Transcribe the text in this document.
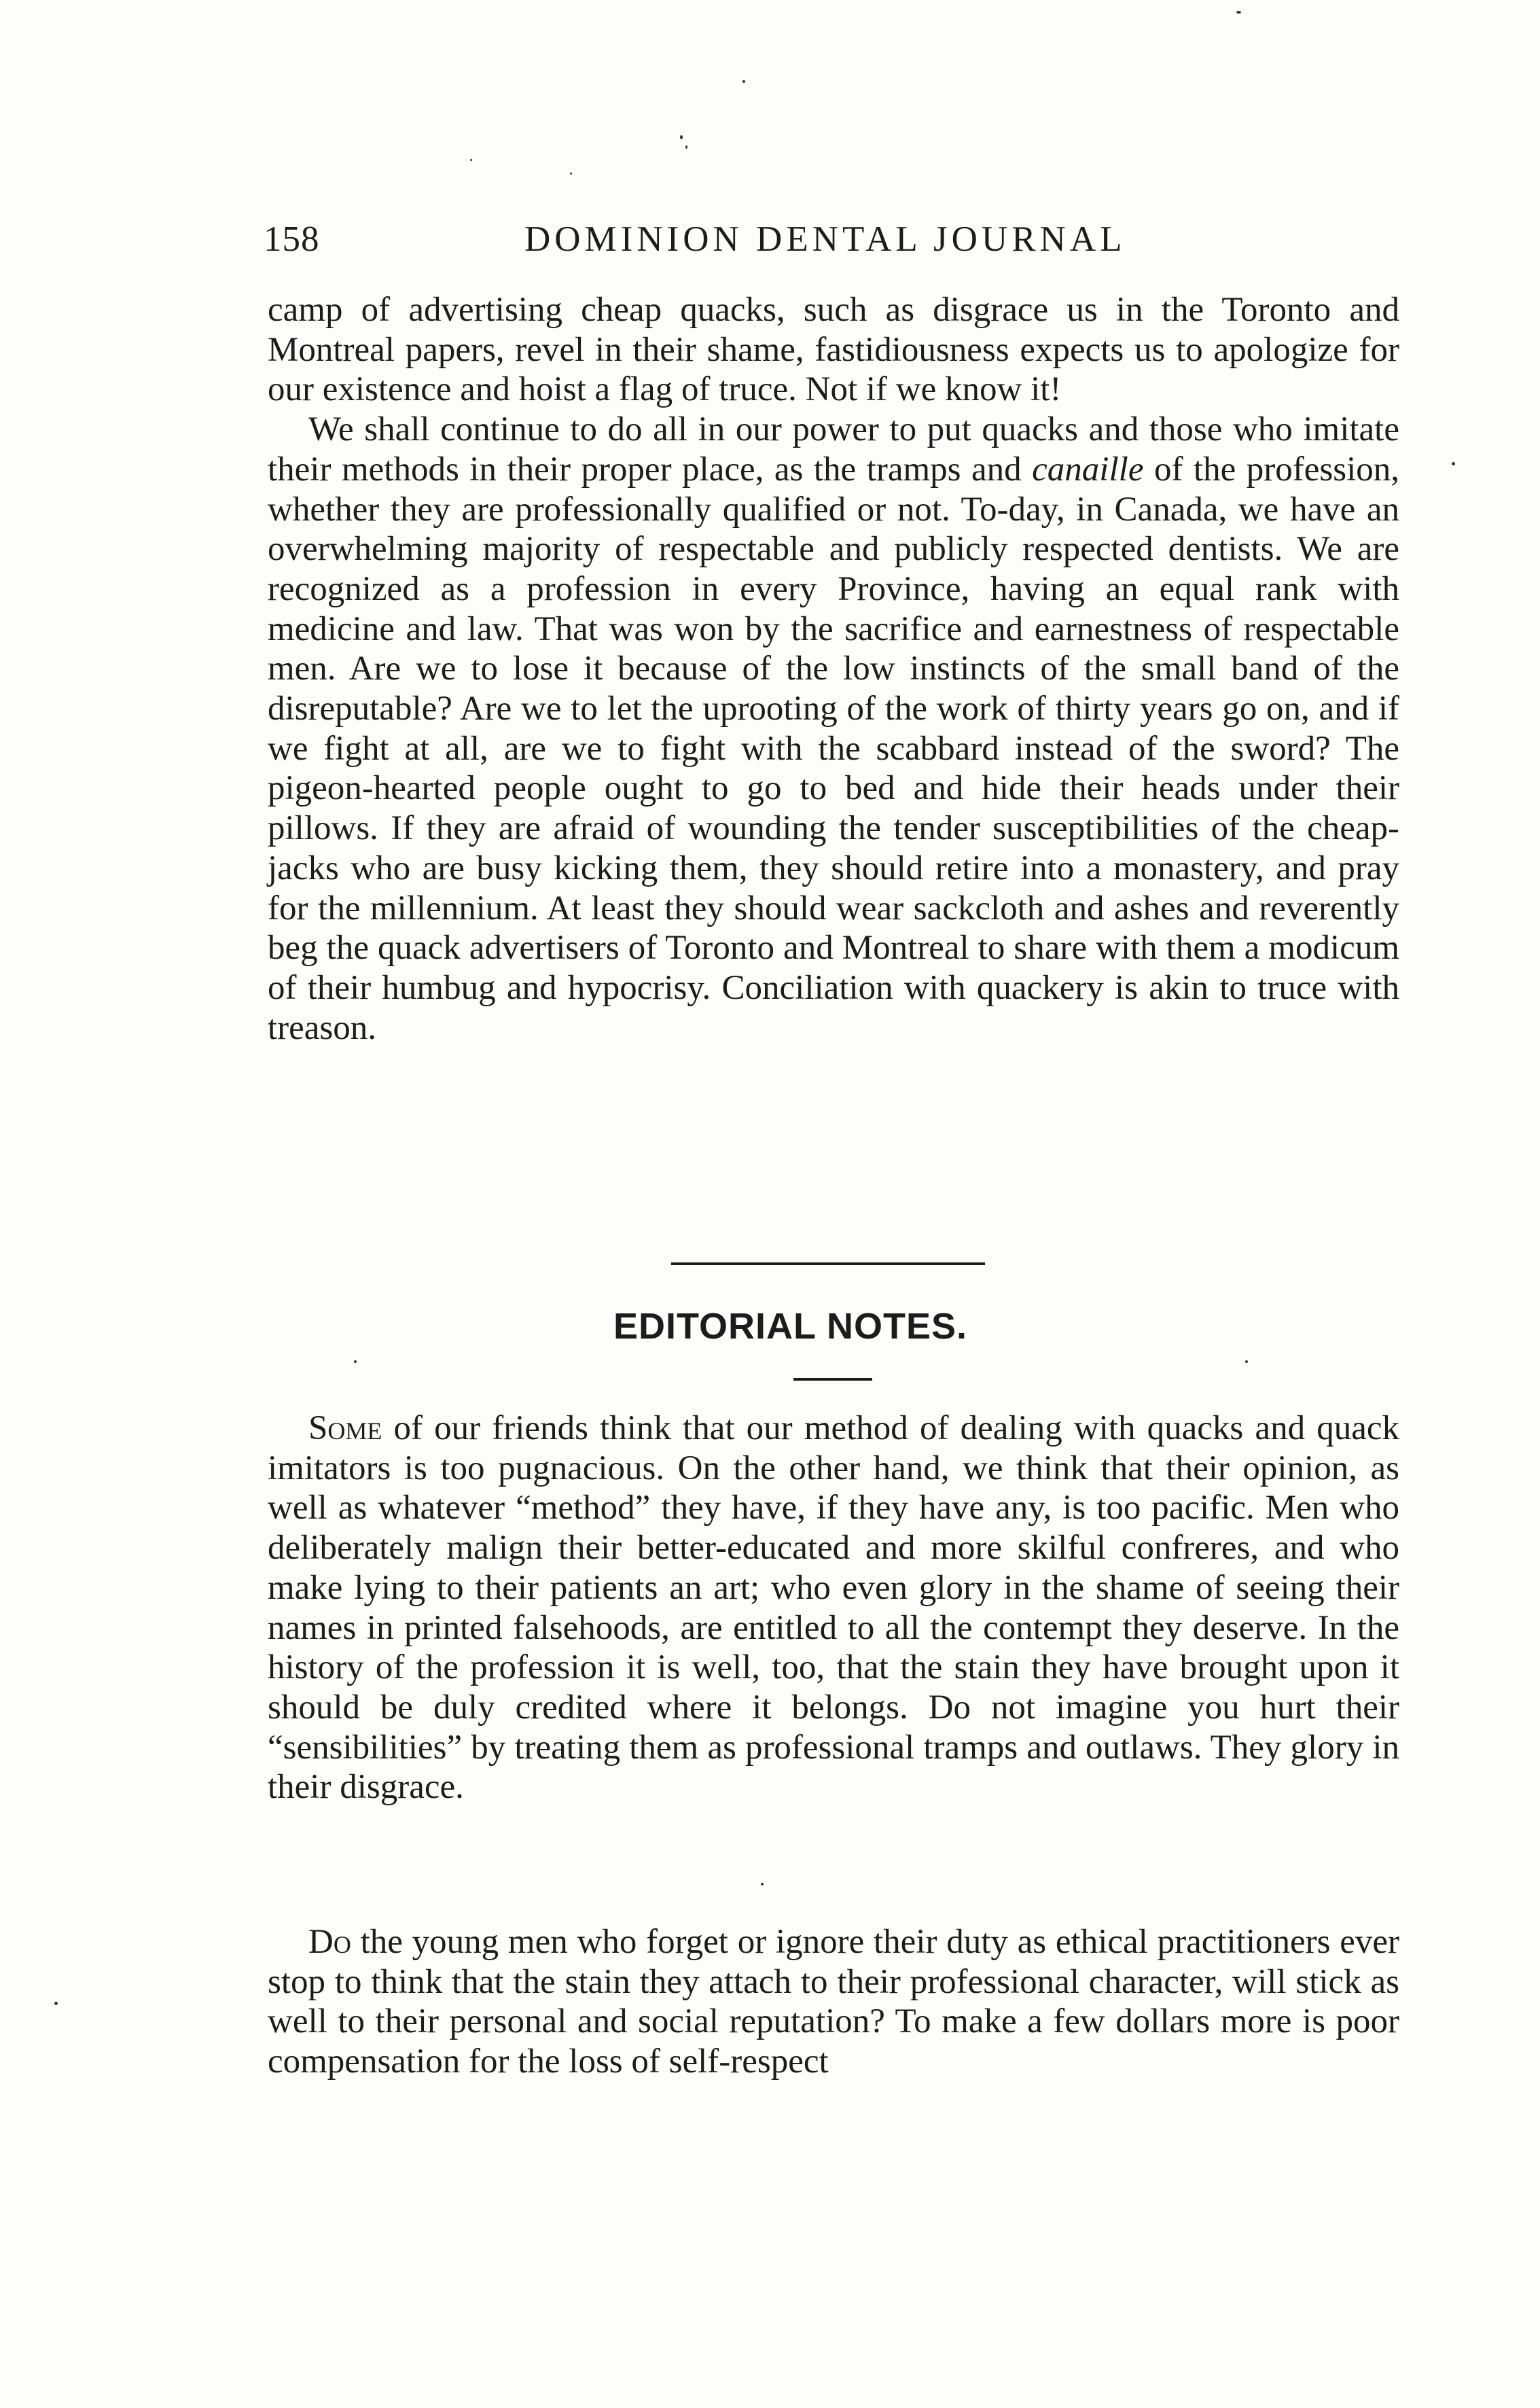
158	DOMINION DENTAL JOURNAL

camp of advertising cheap quacks, such as disgrace us in the Toronto and Montreal papers, revel in their shame, fastidiousness expects us to apologize for our existence and hoist a flag of truce. Not if we know it!

We shall continue to do all in our power to put quacks and those who imitate their methods in their proper place, as the tramps and canaille of the profession, whether they are professionally qualified or not. To-day, in Canada, we have an overwhelming majority of respectable and publicly respected dentists. We are recognized as a profession in every Province, having an equal rank with medicine and law. That was won by the sacrifice and earnestness of respectable men. Are we to lose it because of the low instincts of the small band of the disreputable? Are we to let the uprooting of the work of thirty years go on, and if we fight at all, are we to fight with the scabbard instead of the sword? The pigeon-hearted people ought to go to bed and hide their heads under their pillows. If they are afraid of wounding the tender susceptibilities of the cheap-jacks who are busy kicking them, they should retire into a monastery, and pray for the millennium. At least they should wear sackcloth and ashes and reverently beg the quack advertisers of Toronto and Montreal to share with them a modicum of their humbug and hypocrisy. Conciliation with quackery is akin to truce with treason.

EDITORIAL NOTES.

Some of our friends think that our method of dealing with quacks and quack imitators is too pugnacious. On the other hand, we think that their opinion, as well as whatever “method” they have, if they have any, is too pacific. Men who deliberately malign their better-educated and more skilful confreres, and who make lying to their patients an art; who even glory in the shame of seeing their names in printed falsehoods, are entitled to all the contempt they deserve. In the history of the profession it is well, too, that the stain they have brought upon it should be duly credited where it belongs. Do not imagine you hurt their “sensibilities” by treating them as professional tramps and outlaws. They glory in their disgrace.

Do the young men who forget or ignore their duty as ethical practitioners ever stop to think that the stain they attach to their professional character, will stick as well to their personal and social reputation? To make a few dollars more is poor compensation for the loss of self-respect
